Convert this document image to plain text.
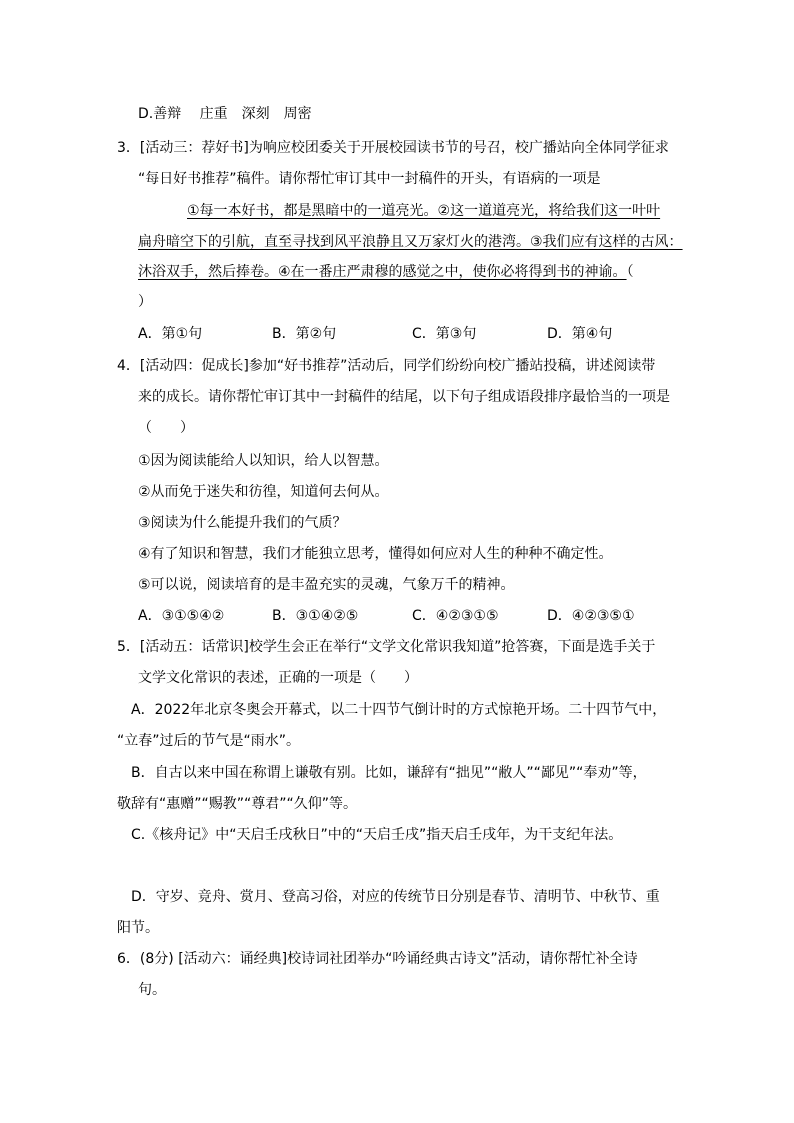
D.善辩　 庄重　深刻　周密
3．[活动三：荐好书]为响应校团委关于开展校园读书节的号召，校广播站向全体同学征求
“每日好书推荐”稿件。请你帮忙审订其中一封稿件的开头，有语病的一项是
①每一本好书，都是黑暗中的一道亮光。②这一道道亮光，将给我们这一叶叶
扁舟暗空下的引航，直至寻找到风平浪静且又万家灯火的港湾。③我们应有这样的古风：
沐浴双手，然后捧卷。④在一番庄严肃穆的感觉之中，使你必将得到书的神谕。（
）
A．第①句	B．第②句	C．第③句	D．第④句
4．[活动四：促成长]参加“好书推荐”活动后，同学们纷纷向校广播站投稿，讲述阅读带
来的成长。请你帮忙审订其中一封稿件的结尾，以下句子组成语段排序最恰当的一项是
（　　）
①因为阅读能给人以知识，给人以智慧。
②从而免于迷失和彷徨，知道何去何从。
③阅读为什么能提升我们的气质？
④有了知识和智慧，我们才能独立思考，懂得如何应对人生的种种不确定性。
⑤可以说，阅读培育的是丰盈充实的灵魂，气象万千的精神。
A．③①⑤④②	B．③①④②⑤	C．④②③①⑤	D．④②③⑤①
5．[活动五：话常识]校学生会正在举行“文学文化常识我知道”抢答赛，下面是选手关于
文学文化常识的表述，正确的一项是（　　）
A．2022年北京冬奥会开幕式，以二十四节气倒计时的方式惊艳开场。二十四节气中，
“立春”过后的节气是“雨水”。
B．自古以来中国在称谓上谦敬有别。比如，谦辞有“拙见”“敝人”“鄙见”“奉劝”等，
敬辞有“惠赠”“赐教”“尊君”“久仰”等。
C.《核舟记》中“天启壬戌秋日”中的“天启壬戌”指天启壬戌年，为干支纪年法。
D．守岁、竞舟、赏月、登高习俗，对应的传统节日分别是春节、清明节、中秋节、重
阳节。
6．(8分) [活动六：诵经典]校诗词社团举办“吟诵经典古诗文”活动，请你帮忙补全诗
句。
